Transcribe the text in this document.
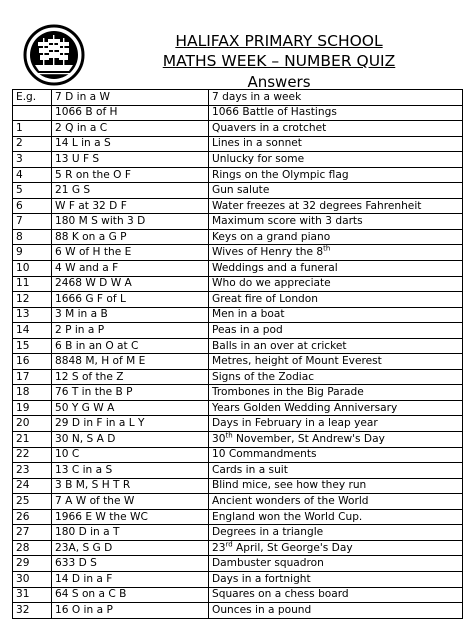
HALIFAX PRIMARY SCHOOL
MATHS WEEK – NUMBER QUIZ
Answers
E.g.	7 D in a W	7 days in a week
	1066 B of H	1066 Battle of Hastings
1	2 Q in a C	Quavers in a crotchet
2	14 L in a S	Lines in a sonnet
3	13 U F S	Unlucky for some
4	5 R on the O F	Rings on the Olympic flag
5	21 G S	Gun salute
6	W F at 32 D F	Water freezes at 32 degrees Fahrenheit
7	180 M S with 3 D	Maximum score with 3 darts
8	88 K on a G P	Keys on a grand piano
9	6 W of H the E	Wives of Henry the 8th
10	4 W and a F	Weddings and a funeral
11	2468 W D W A	Who do we appreciate
12	1666 G F of L	Great fire of London
13	3 M in a B	Men in a boat
14	2 P in a P	Peas in a pod
15	6 B in an O at C	Balls in an over at cricket
16	8848 M, H of M E	Metres, height of Mount Everest
17	12 S of the Z	Signs of the Zodiac
18	76 T in the B P	Trombones in the Big Parade
19	50 Y G W A	Years Golden Wedding Anniversary
20	29 D in F in a L Y	Days in February in a leap year
21	30 N, S A D	30th November, St Andrew's Day
22	10 C	10 Commandments
23	13 C in a S	Cards in a suit
24	3 B M, S H T R	Blind mice, see how they run
25	7 A W of the W	Ancient wonders of the World
26	1966 E W the WC	England won the World Cup.
27	180 D in a T	Degrees in a triangle
28	23A, S G D	23rd April, St George's Day
29	633 D S	Dambuster squadron
30	14 D in a F	Days in a fortnight
31	64 S on a C B	Squares on a chess board
32	16 O in a P	Ounces in a pound
